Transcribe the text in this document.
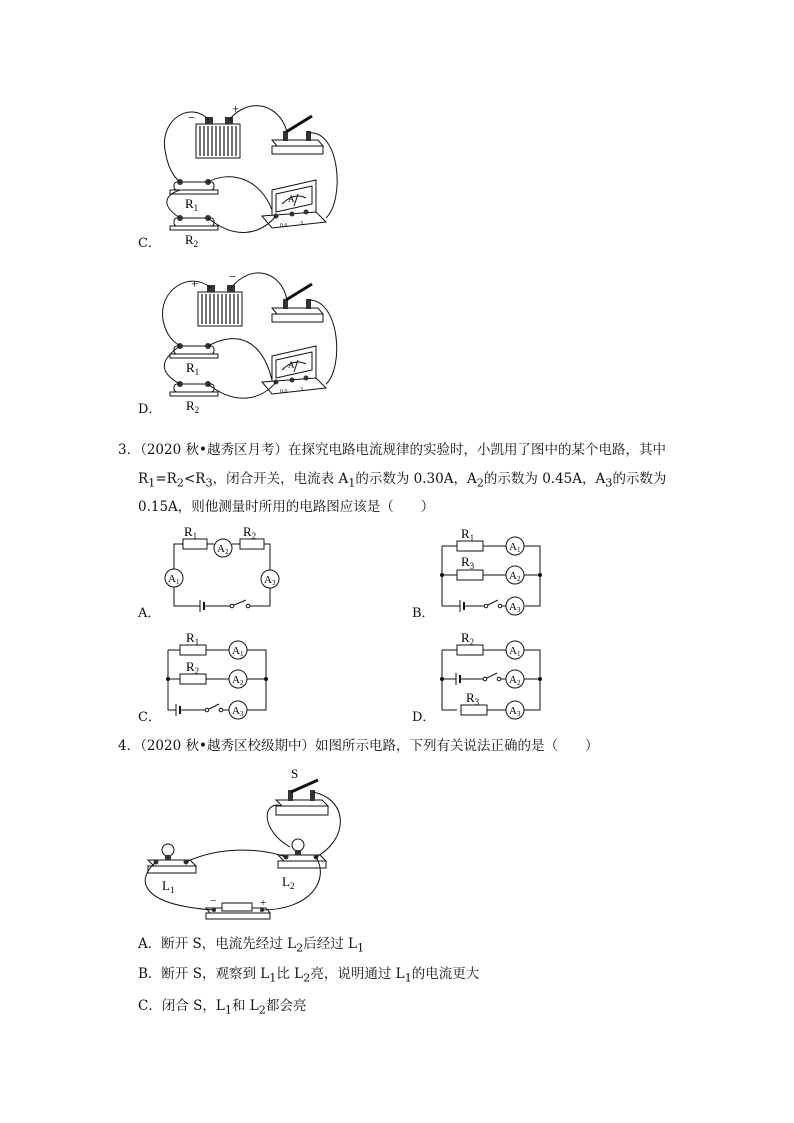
−
+
$R_1$
$R_2$
A
0.6 3
C．
+ −
$R_1$
$R_2$
A
0.6 3
D．
3．（2020 秋•越秀区月考）在探究电路电流规律的实验时，小凯用了图中的某个电路，其中
$R_1=R_2<R_3$，闭合开关，电流表 $A_1$的示数为 0.30A，$A_2$的示数为 0.45A，$A_3$的示数为
0.15A，则他测量时所用的电路图应该是（　　）
$R_1$	$R_2$
A2
A1	A3
$R_1$
$R_3$
A1
A2
A3
$R_1$
$R_2$
A1
A2
A3
$R_2$
$R_3$
A1
A2
A3
A．	B．
C．	D．
4．（2020 秋•越秀区校级期中）如图所示电路，下列有关说法正确的是（　　）
S
$L_1$
$L_2$
−	+
A．断开 S，电流先经过 $L_2$后经过 $L_1$
B．断开 S，观察到 $L_1$比 $L_2$亮，说明通过 $L_1$的电流更大
C．闭合 S，$L_1$和 $L_2$都会亮
